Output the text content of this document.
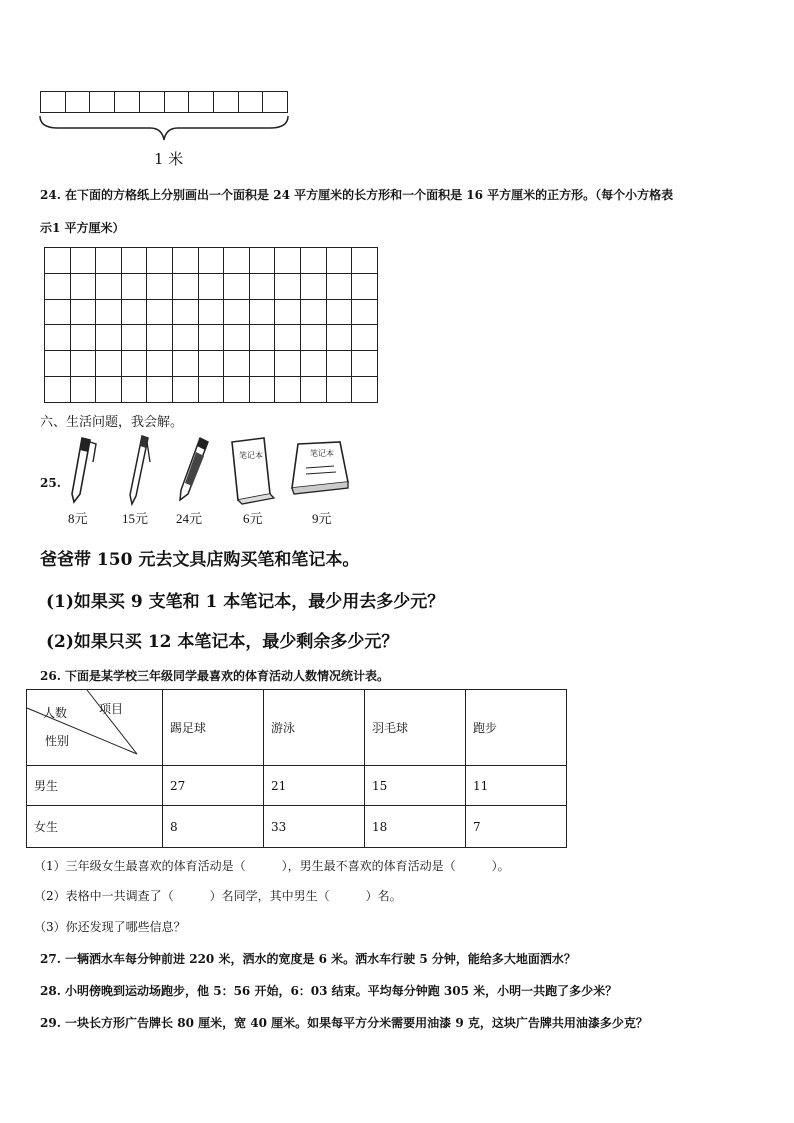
1 米
24. 在下面的方格纸上分别画出一个面积是 24 平方厘米的长方形和一个面积是 16 平方厘米的正方形。（每个小方格表
示1 平方厘米）
六、生活问题，我会解。
25.
笔记本	笔记本
8元	15元 24元	6元	9元
爸爸带 150 元去文具店购买笔和笔记本。
(1)如果买 9 支笔和 1 本笔记本，最少用去多少元？
(2)如果只买 12 本笔记本，最少剩余多少元？
26. 下面是某学校三年级同学最喜欢的体育活动人数情况统计表。
人数 项目
性别	踢足球	游泳	羽毛球	跑步
男生	27	21	15	11
女生	8	33	18	7
（1）三年级女生最喜欢的体育活动是（　　　），男生最不喜欢的体育活动是（　　　）。
（2）表格中一共调查了（　　　）名同学，其中男生（　　　）名。
（3）你还发现了哪些信息？
27. 一辆洒水车每分钟前进 220 米，洒水的宽度是 6 米。洒水车行驶 5 分钟，能给多大地面洒水？
28. 小明傍晚到运动场跑步，他 5：56 开始，6：03 结束。平均每分钟跑 305 米，小明一共跑了多少米？
29. 一块长方形广告牌长 80 厘米，宽 40 厘米。如果每平方分米需要用油漆 9 克，这块广告牌共用油漆多少克？
